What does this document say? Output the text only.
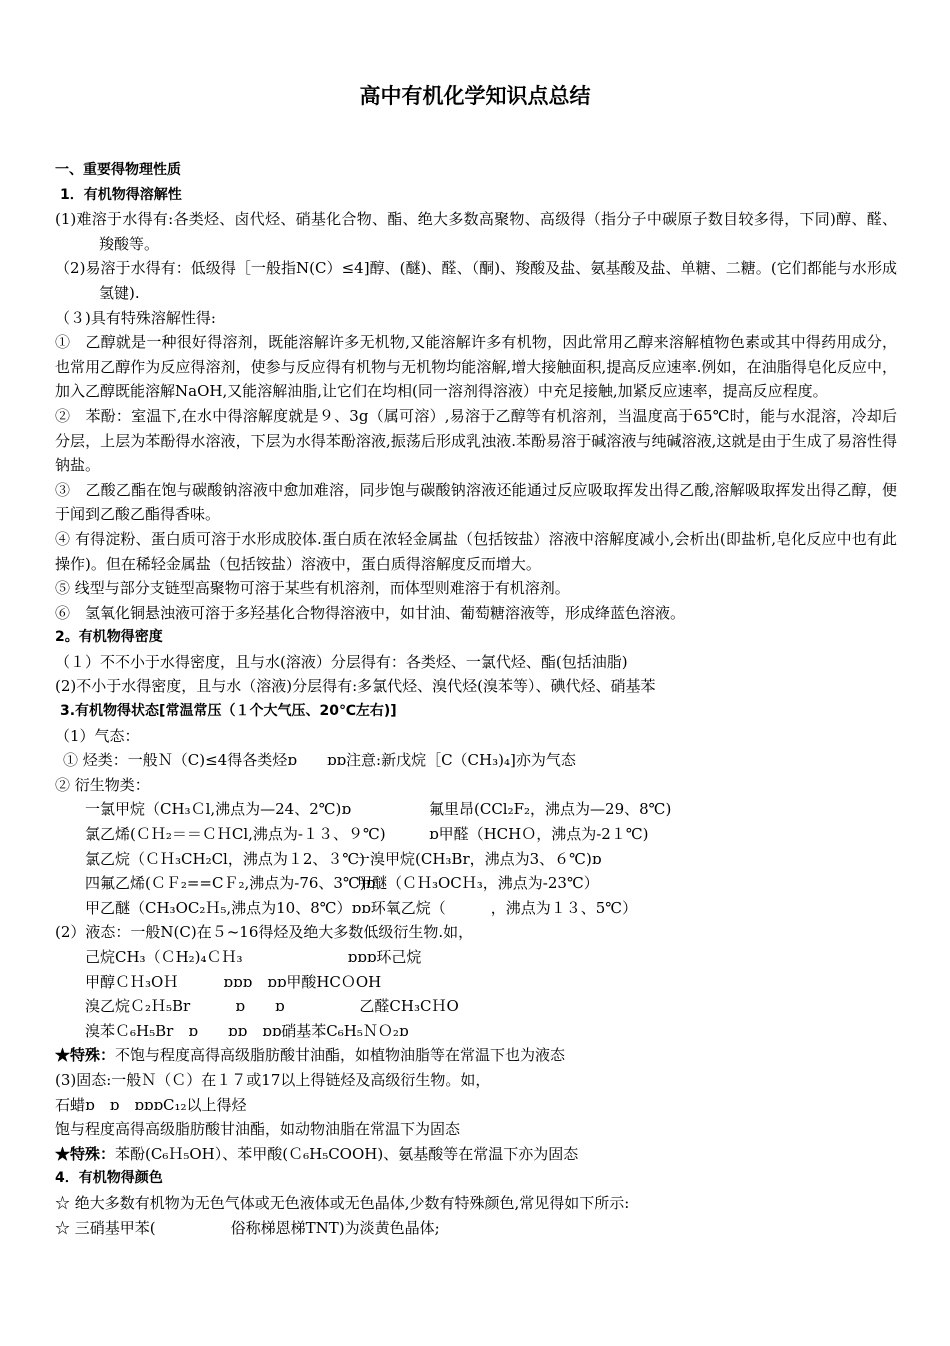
高中有机化学知识点总结
一、重要得物理性质
1．有机物得溶解性
(1)难溶于水得有:各类烃、卤代烃、硝基化合物、酯、绝大多数高聚物、高级得（指分子中碳原子数目较多得，下同)醇、醛、羧酸等。
（2)易溶于水得有：低级得［一般指N(C）≤4]醇、(醚)、醛、（酮)、羧酸及盐、氨基酸及盐、单糖、二糖。(它们都能与水形成氢键).
（３)具有特殊溶解性得:
①　乙醇就是一种很好得溶剂，既能溶解许多无机物,又能溶解许多有机物，因此常用乙醇来溶解植物色素或其中得药用成分，也常用乙醇作为反应得溶剂，使参与反应得有机物与无机物均能溶解,增大接触面积,提高反应速率.例如，在油脂得皂化反应中，加入乙醇既能溶解NaOH,又能溶解油脂,让它们在均相(同一溶剂得溶液）中充足接触,加紧反应速率，提高反应程度。
②　苯酚：室温下,在水中得溶解度就是９、3g（属可溶）,易溶于乙醇等有机溶剂，当温度高于65℃时，能与水混溶，冷却后分层，上层为苯酚得水溶液，下层为水得苯酚溶液,振荡后形成乳浊液.苯酚易溶于碱溶液与纯碱溶液,这就是由于生成了易溶性得钠盐。
③　乙酸乙酯在饱与碳酸钠溶液中愈加难溶，同步饱与碳酸钠溶液还能通过反应吸取挥发出得乙酸,溶解吸取挥发出得乙醇，便于闻到乙酸乙酯得香味。
④ 有得淀粉、蛋白质可溶于水形成胶体.蛋白质在浓轻金属盐（包括铵盐）溶液中溶解度减小,会析出(即盐析,皂化反应中也有此操作)。但在稀轻金属盐（包括铵盐）溶液中，蛋白质得溶解度反而增大。
⑤ 线型与部分支链型高聚物可溶于某些有机溶剂，而体型则难溶于有机溶剂。
⑥　氢氧化铜悬浊液可溶于多羟基化合物得溶液中，如甘油、葡萄糖溶液等，形成绛蓝色溶液。
2。有机物得密度
（１）不不小于水得密度，且与水(溶液）分层得有：各类烃、一氯代烃、酯(包括油脂)
(2)不小于水得密度，且与水（溶液)分层得有:多氯代烃、溴代烃(溴苯等）、碘代烃、硝基苯
3.有机物得状态[常温常压（１个大气压、20℃左右)]
（1）气态：
① 烃类：一般Ｎ（C)≤4得各类烃ɒ　　ɒɒ注意:新戊烷［C（CH₃)₄]亦为气态
② 衍生物类：
一氯甲烷（CH₃Ｃl,沸点为—24、2℃)ɒ	氟里昂(CCl₂F₂，沸点为—29、8℃)
氯乙烯(ＣＨ₂＝＝ＣＨCl,沸点为-１３、９℃)	ɒ甲醛（HCHＯ，沸点为-2１℃)
氯乙烷（ＣＨ₃CH₂Cl，沸点为１2、３℃)一溴甲烷(CH₃Br，沸点为3、６℃)ɒ
四氟乙烯(ＣＦ₂==CＦ₂,沸点为-76、3℃)ɒ甲醚（ＣＨ₃OCＨ₃，沸点为-23℃）
甲乙醚（CH₃OC₂Ｈ₅,沸点为10、8℃）ɒɒ环氧乙烷（　　　，沸点为１３、5℃）
(2）液态：一般N(C)在５~16得烃及绝大多数低级衍生物.如，
己烷CH₃（ＣH₂)₄ＣＨ₃　　　　　　　ɒɒɒ环己烷
甲醇ＣＨ₃OＨ　　　ɒɒɒ　ɒɒ甲酸HCＯOH
溴乙烷Ｃ₂Ｈ₅Br　　　ɒ　　ɒ　　　　　乙醛CH₃CＨO
溴苯Ｃ₆H₅Br　ɒ　　ɒɒ　ɒɒ硝基苯C₆H₅ＮＯ₂ɒ
★特殊：不饱与程度高得高级脂肪酸甘油酯，如植物油脂等在常温下也为液态
(3)固态:一般Ｎ（Ｃ）在１７或17以上得链烃及高级衍生物。如，
石蜡ɒ　ɒ　ɒɒɒC₁₂以上得烃
饱与程度高得高级脂肪酸甘油酯，如动物油脂在常温下为固态
★特殊：苯酚(C₆Ｈ₅OH）、苯甲酸(Ｃ₆H₅COOH)、氨基酸等在常温下亦为固态
4．有机物得颜色
☆ 绝大多数有机物为无色气体或无色液体或无色晶体,少数有特殊颜色,常见得如下所示:
☆ 三硝基甲苯(　　　　　俗称梯恩梯TNT)为淡黄色晶体;
